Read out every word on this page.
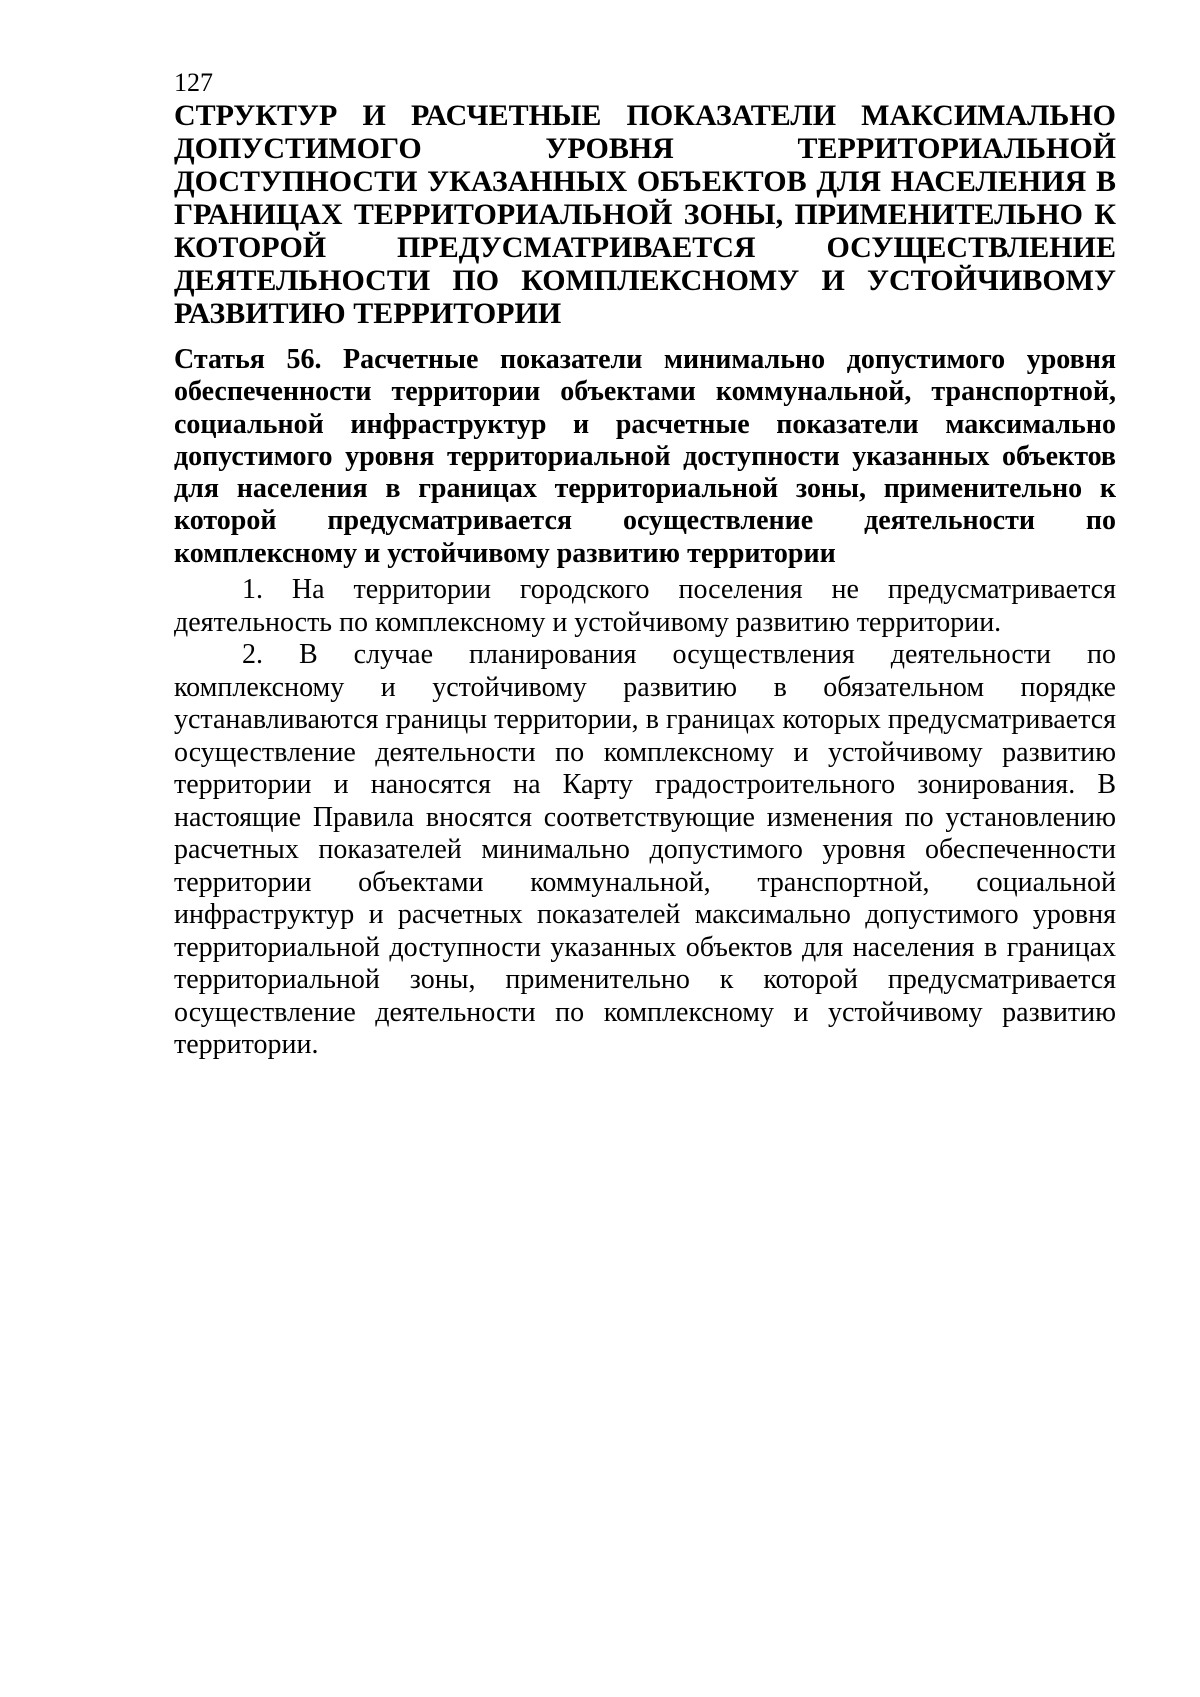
127
СТРУКТУР И РАСЧЕТНЫЕ ПОКАЗАТЕЛИ МАКСИМАЛЬНО ДОПУСТИМОГО УРОВНЯ ТЕРРИТОРИАЛЬНОЙ ДОСТУПНОСТИ УКАЗАННЫХ ОБЪЕКТОВ ДЛЯ НАСЕЛЕНИЯ В ГРАНИЦАХ ТЕРРИТОРИАЛЬНОЙ ЗОНЫ, ПРИМЕНИТЕЛЬНО К КОТОРОЙ ПРЕДУСМАТРИВАЕТСЯ ОСУЩЕСТВЛЕНИЕ ДЕЯТЕЛЬНОСТИ ПО КОМПЛЕКСНОМУ И УСТОЙЧИВОМУ РАЗВИТИЮ ТЕРРИТОРИИ
Статья 56. Расчетные показатели минимально допустимого уровня обеспеченности территории объектами коммунальной, транспортной, социальной инфраструктур и расчетные показатели максимально допустимого уровня территориальной доступности указанных объектов для населения в границах территориальной зоны, применительно к которой предусматривается осуществление деятельности по комплексному и устойчивому развитию территории

1. На территории городского поселения не предусматривается деятельность по комплексному и устойчивому развитию территории.

2. В случае планирования осуществления деятельности по комплексному и устойчивому развитию в обязательном порядке устанавливаются границы территории, в границах которых предусматривается осуществление деятельности по комплексному и устойчивому развитию территории и наносятся на Карту градостроительного зонирования. В настоящие Правила вносятся соответствующие изменения по установлению расчетных показателей минимально допустимого уровня обеспеченности территории объектами коммунальной, транспортной, социальной инфраструктур и расчетных показателей максимально допустимого уровня территориальной доступности указанных объектов для населения в границах территориальной зоны, применительно к которой предусматривается осуществление деятельности по комплексному и устойчивому развитию территории.
